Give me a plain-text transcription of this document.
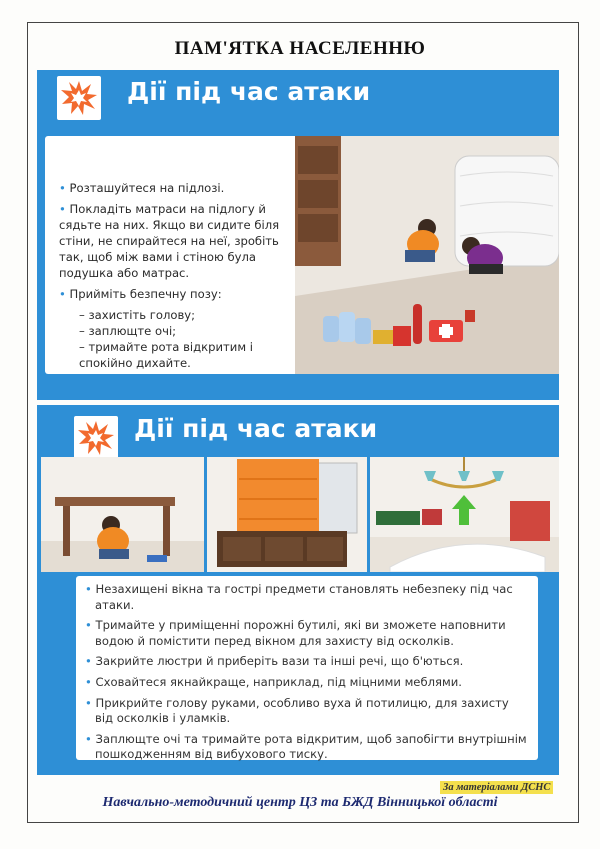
ПАМ'ЯТКА НАСЕЛЕННЮ
Дії під час атаки
• Розташуйтеся на підлозі.
• Покладіть матраси на підлогу й сядьте на них. Якщо ви сидите біля стіни, не спирайтеся на неї, зробіть так, щоб між вами і стіною була подушка або матрас.
• Прийміть безпечну позу:
– захистіть голову;
– заплющте очі;
– тримайте рота відкритим і спокійно дихайте.
Дії під час атаки
• Незахищені вікна та гострі предмети становлять небезпеку під час атаки.
• Тримайте у приміщенні порожні бутилі, які ви зможете наповнити водою й помістити перед вікном для захисту від осколків.
• Закрийте люстри й приберіть вази та інші речі, що б'ються.
• Сховайтеся якнайкраще, наприклад, під міцними меблями.
• Прикрийте голову руками, особливо вуха й потилицю, для захисту від осколків і уламків.
• Заплющте очі та тримайте рота відкритим, щоб запобігти внутрішнім пошкодженням від вибухового тиску.
За матеріалами ДСНС
Навчально-методичний центр ЦЗ та БЖД Вінницької області
